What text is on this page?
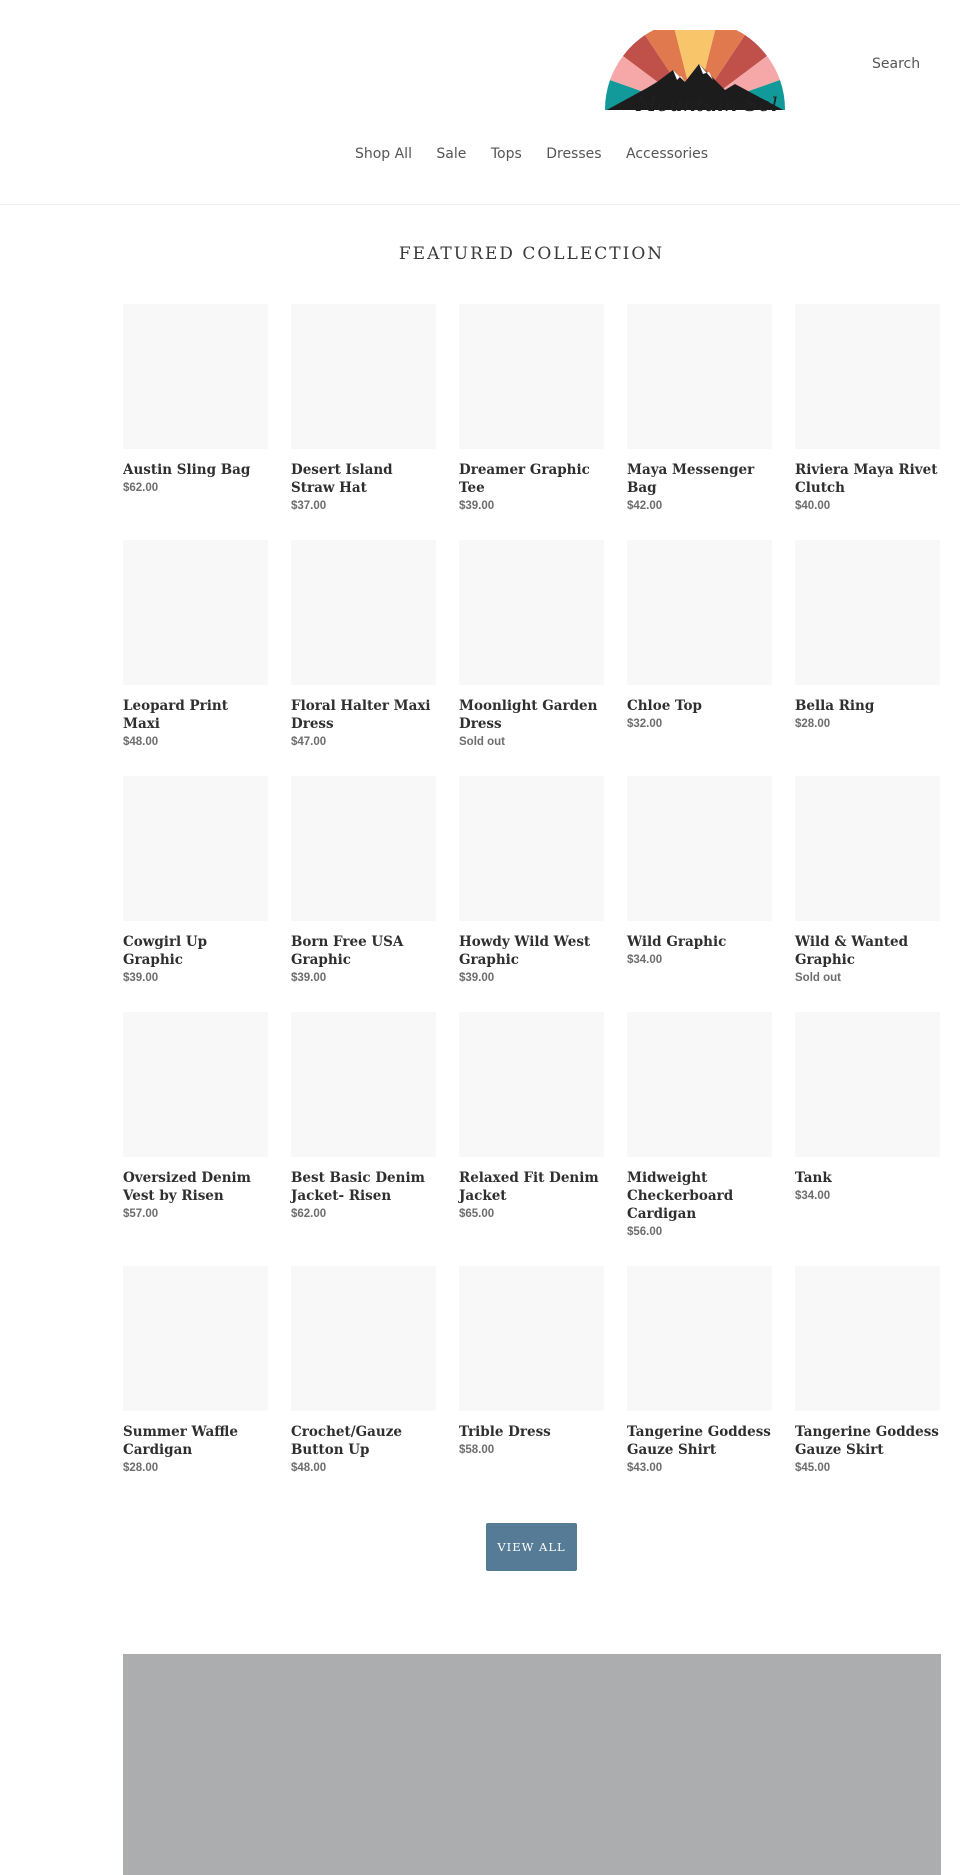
Mountain Sol
Search
Shop All Sale Tops Dresses Accessories
FEATURED COLLECTION
Austin Sling Bag
$62.00
Desert Island Straw Hat
$37.00
Dreamer Graphic Tee
$39.00
Maya Messenger Bag
$42.00
Riviera Maya Rivet Clutch
$40.00
Leopard Print Maxi
$48.00
Floral Halter Maxi Dress
$47.00
Moonlight Garden Dress
Sold out
Chloe Top
$32.00
Bella Ring
$28.00
Cowgirl Up Graphic
$39.00
Born Free USA Graphic
$39.00
Howdy Wild West Graphic
$39.00
Wild Graphic
$34.00
Wild & Wanted Graphic
Sold out
Oversized Denim Vest by Risen
$57.00
Best Basic Denim Jacket- Risen
$62.00
Relaxed Fit Denim Jacket
$65.00
Midweight Checkerboard Cardigan
$56.00
Tank
$34.00
Summer Waffle Cardigan
$28.00
Crochet/Gauze Button Up
$48.00
Trible Dress
$58.00
Tangerine Goddess Gauze Shirt
$43.00
Tangerine Goddess Gauze Skirt
$45.00
VIEW ALL
